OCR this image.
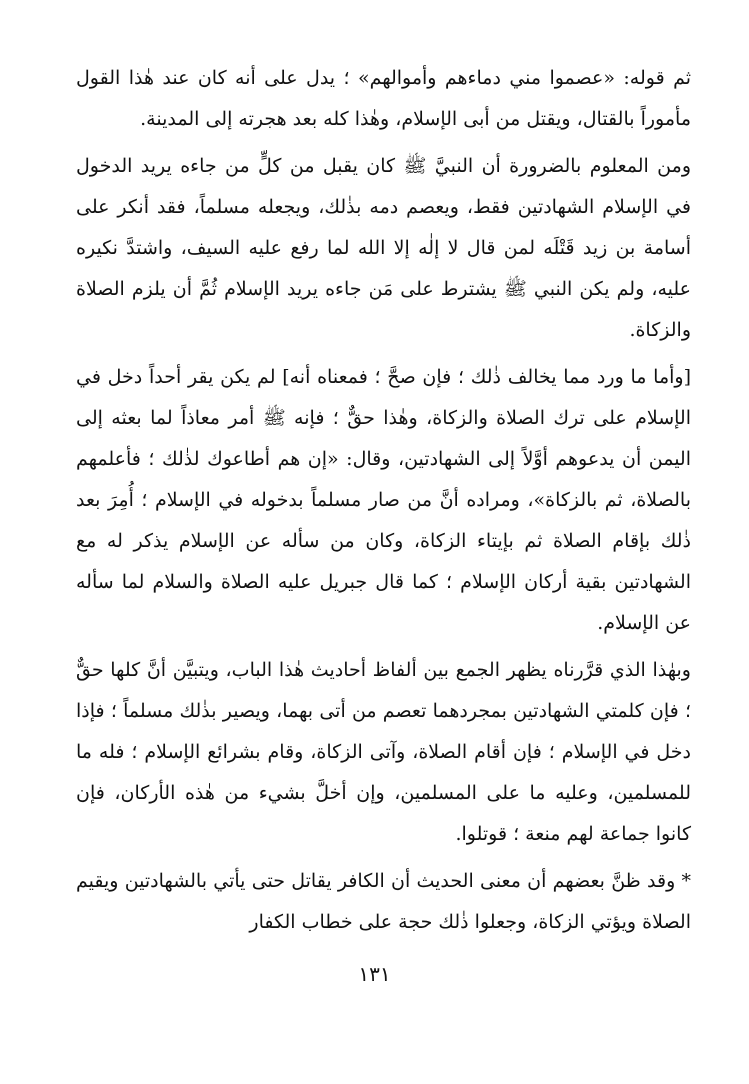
ثم قوله: «عصموا مني دماءهم وأموالهم» ؛ يدل على أنه كان عند هٰذا القول مأموراً بالقتال، ويقتل من أبى الإسلام، وهٰذا كله بعد هجرته إلى المدينة.

ومن المعلوم بالضرورة أن النبيَّ ﷺ كان يقبل من كلٍّ من جاءه يريد الدخول في الإسلام الشهادتين فقط، ويعصم دمه بذٰلك، ويجعله مسلماً، فقد أنكر على أسامة بن زيد قَتْلَه لمن قال لا إلٰه إلا الله لما رفع عليه السيف، واشتدَّ نكيره عليه، ولم يكن النبي ﷺ يشترط على مَن جاءه يريد الإسلام ثُمَّ أن يلزم الصلاة والزكاة.

[وأما ما ورد مما يخالف ذٰلك ؛ فإن صحَّ ؛ فمعناه أنه] لم يكن يقر أحداً دخل في الإسلام على ترك الصلاة والزكاة، وهٰذا حقٌّ ؛ فإنه ﷺ أمر معاذاً لما بعثه إلى اليمن أن يدعوهم أوَّلاً إلى الشهادتين، وقال: «إن هم أطاعوك لذٰلك ؛ فأعلمهم بالصلاة، ثم بالزكاة»، ومراده أنَّ من صار مسلماً بدخوله في الإسلام ؛ أُمِرَ بعد ذٰلك بإقام الصلاة ثم بإيتاء الزكاة، وكان من سأله عن الإسلام يذكر له مع الشهادتين بقية أركان الإسلام ؛ كما قال جبريل عليه الصلاة والسلام لما سأله عن الإسلام.

وبهٰذا الذي قرَّرناه يظهر الجمع بين ألفاظ أحاديث هٰذا الباب، ويتبيَّن أنَّ كلها حقٌّ ؛ فإن كلمتي الشهادتين بمجردهما تعصم من أتى بهما، ويصير بذٰلك مسلماً ؛ فإذا دخل في الإسلام ؛ فإن أقام الصلاة، وآتى الزكاة، وقام بشرائع الإسلام ؛ فله ما للمسلمين، وعليه ما على المسلمين، وإن أخلَّ بشيء من هٰذه الأركان، فإن كانوا جماعة لهم منعة ؛ قوتلوا.

* وقد ظنَّ بعضهم أن معنى الحديث أن الكافر يقاتل حتى يأتي بالشهادتين ويقيم الصلاة ويؤتي الزكاة، وجعلوا ذٰلك حجة على خطاب الكفار

١٣١
